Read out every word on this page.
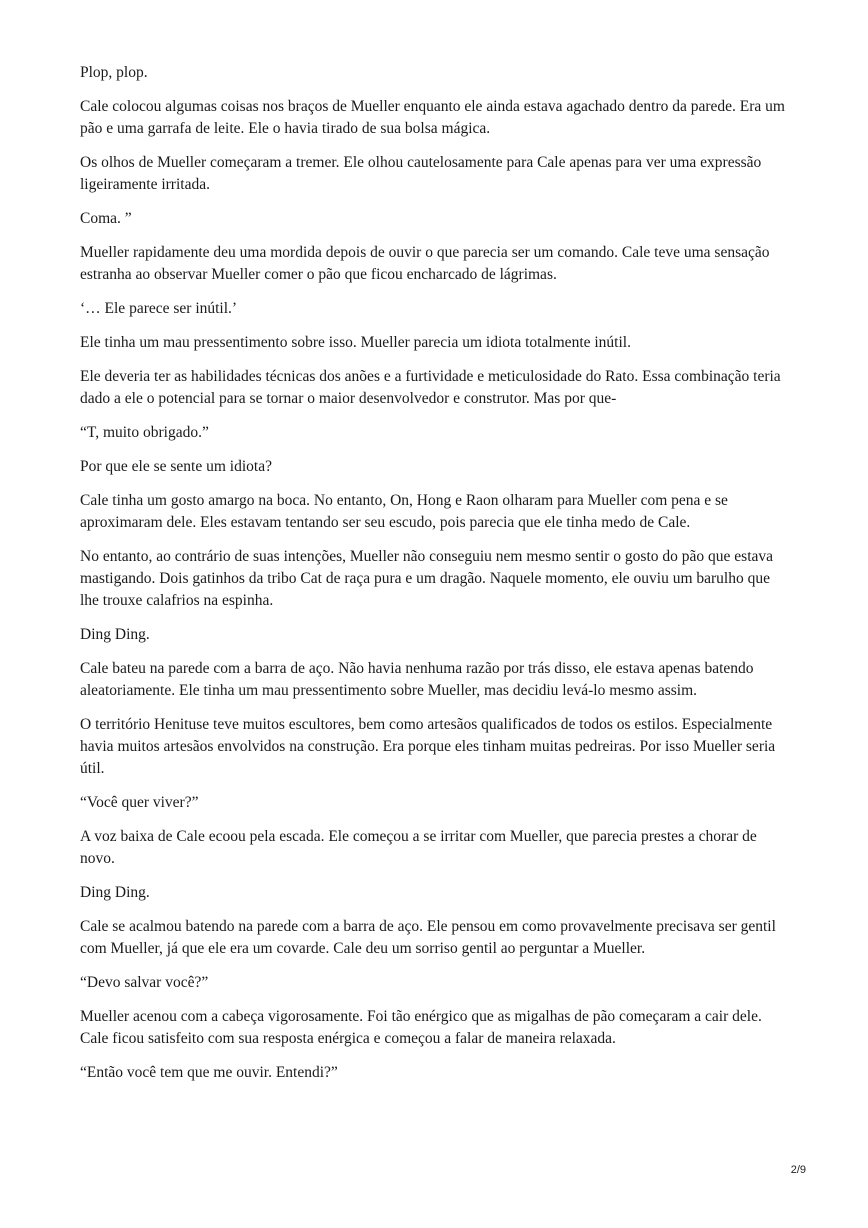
Plop, plop.

Cale colocou algumas coisas nos braços de Mueller enquanto ele ainda estava agachado dentro da parede. Era um pão e uma garrafa de leite. Ele o havia tirado de sua bolsa mágica.

Os olhos de Mueller começaram a tremer. Ele olhou cautelosamente para Cale apenas para ver uma expressão ligeiramente irritada.

Coma. ”

Mueller rapidamente deu uma mordida depois de ouvir o que parecia ser um comando. Cale teve uma sensação estranha ao observar Mueller comer o pão que ficou encharcado de lágrimas.

‘… Ele parece ser inútil.’

Ele tinha um mau pressentimento sobre isso. Mueller parecia um idiota totalmente inútil.

Ele deveria ter as habilidades técnicas dos anões e a furtividade e meticulosidade do Rato. Essa combinação teria dado a ele o potencial para se tornar o maior desenvolvedor e construtor. Mas por que-

“T, muito obrigado.”

Por que ele se sente um idiota?

Cale tinha um gosto amargo na boca. No entanto, On, Hong e Raon olharam para Mueller com pena e se aproximaram dele. Eles estavam tentando ser seu escudo, pois parecia que ele tinha medo de Cale.

No entanto, ao contrário de suas intenções, Mueller não conseguiu nem mesmo sentir o gosto do pão que estava mastigando. Dois gatinhos da tribo Cat de raça pura e um dragão. Naquele momento, ele ouviu um barulho que lhe trouxe calafrios na espinha.

Ding Ding.

Cale bateu na parede com a barra de aço. Não havia nenhuma razão por trás disso, ele estava apenas batendo aleatoriamente. Ele tinha um mau pressentimento sobre Mueller, mas decidiu levá-lo mesmo assim.

O território Henituse teve muitos escultores, bem como artesãos qualificados de todos os estilos. Especialmente havia muitos artesãos envolvidos na construção. Era porque eles tinham muitas pedreiras. Por isso Mueller seria útil.

“Você quer viver?”

A voz baixa de Cale ecoou pela escada. Ele começou a se irritar com Mueller, que parecia prestes a chorar de novo.

Ding Ding.

Cale se acalmou batendo na parede com a barra de aço. Ele pensou em como provavelmente precisava ser gentil com Mueller, já que ele era um covarde. Cale deu um sorriso gentil ao perguntar a Mueller.

“Devo salvar você?”

Mueller acenou com a cabeça vigorosamente. Foi tão enérgico que as migalhas de pão começaram a cair dele. Cale ficou satisfeito com sua resposta enérgica e começou a falar de maneira relaxada.

“Então você tem que me ouvir. Entendi?”

2/9
